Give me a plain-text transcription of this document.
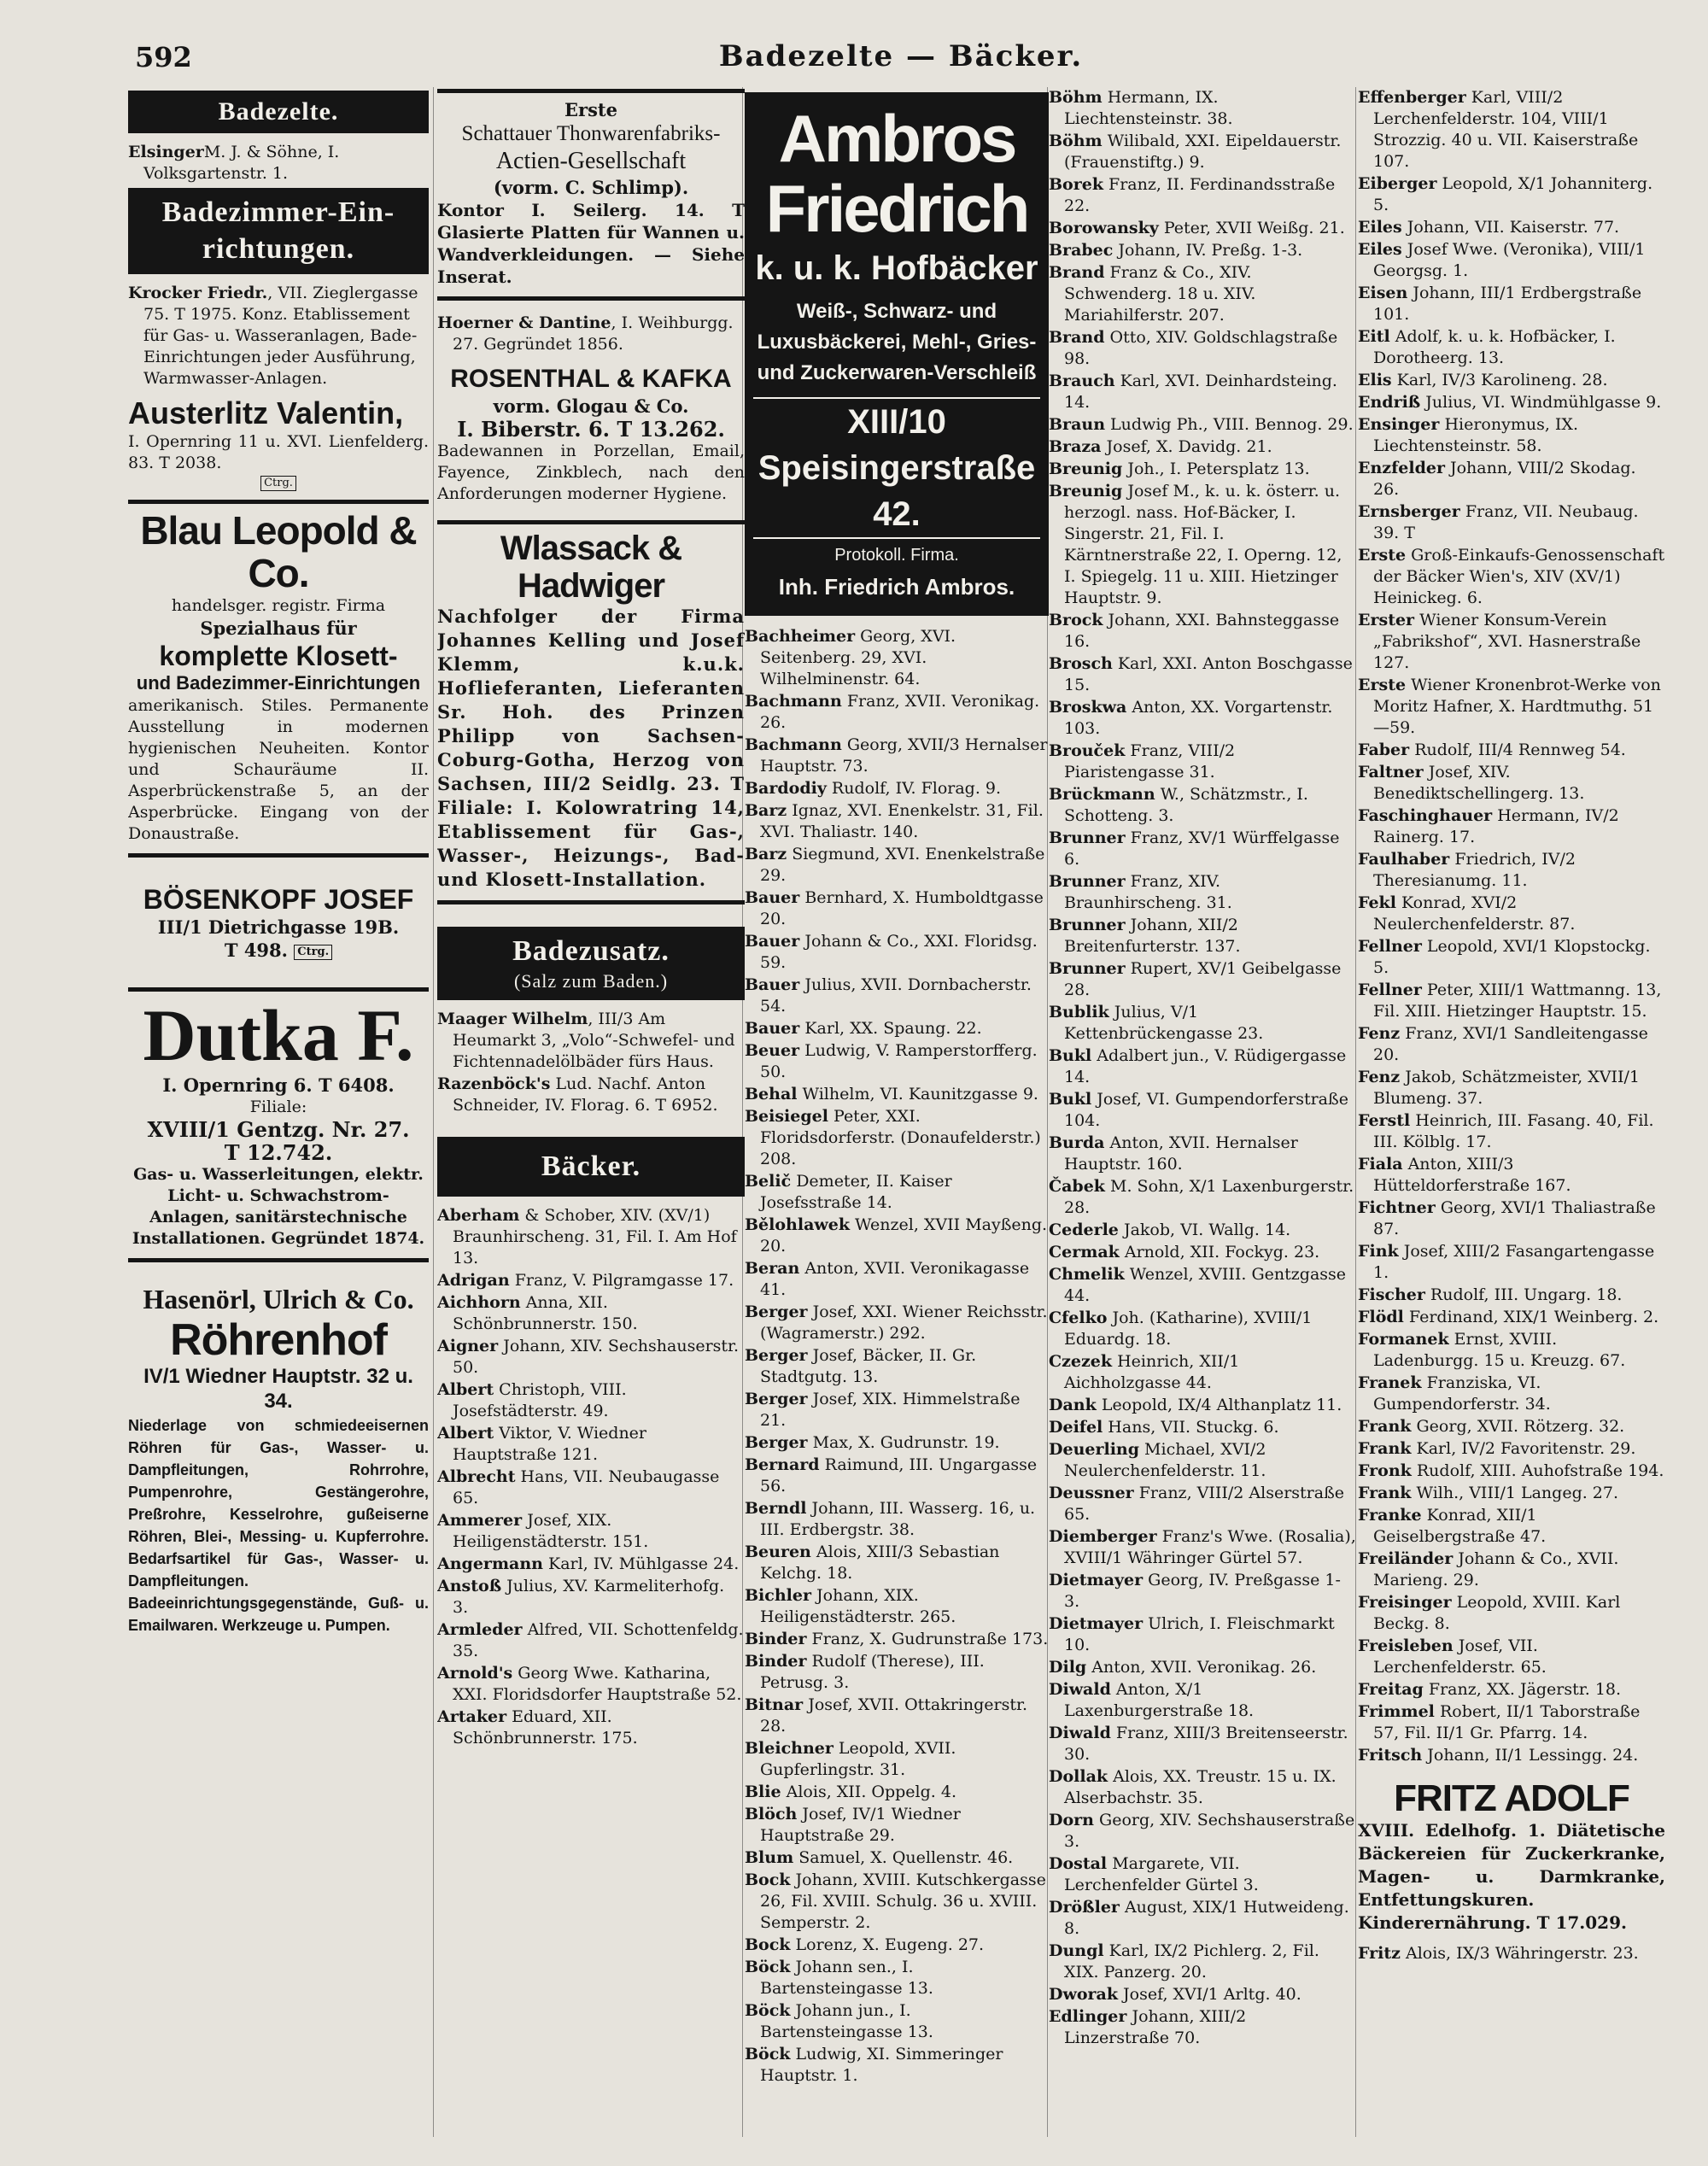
592	Badezelte — Bäcker.
Badezelte.
ElsingerM. J. & Söhne, I. Volksgartenstr. 1.
Badezimmer-Ein-
richtungen.
Krocker Friedr., VII. Zieglergasse 75. T 1975. Konz. Etablissement für Gas- u. Wasseranlagen, Bade-Einrichtungen jeder Ausführung, Warmwasser-Anlagen.
Austerlitz Valentin,
I. Opernring 11 u. XVI. Lienfelderg. 83. T 2038.
Ctrg.
Blau Leopold & Co.
handelsger. registr. Firma
Spezialhaus für
komplette Klosett-
und Badezimmer-Einrichtungen
amerikanisch. Stiles. Permanente Ausstellung in modernen hygienischen Neuheiten. Kontor und Schauräume II. Asperbrückenstraße 5, an der Asperbrücke. Eingang von der Donaustraße.
BÖSENKOPF JOSEF
III/1 Dietrichgasse 19B.
T 498. Ctrg.
Dutka F.
I. Opernring 6. T 6408.
Filiale:
XVIII/1 Gentzg. Nr. 27.
T 12.742.
Gas- u. Wasserleitungen, elektr. Licht- u. Schwachstrom-Anlagen, sanitärstechnische Installationen. Gegründet 1874.
Hasenörl, Ulrich & Co.
Röhrenhof
IV/1 Wiedner Hauptstr. 32 u. 34.
Niederlage von schmiedeeisernen Röhren für Gas-, Wasser- u. Dampfleitungen, Rohrrohre, Pumpenrohre, Gestängerohre, Preßrohre, Kesselrohre, gußeiserne Röhren, Blei-, Messing- u. Kupferrohre. Bedarfsartikel für Gas-, Wasser- u. Dampfleitungen. Badeeinrichtungsgegenstände, Guß- u. Emailwaren. Werkzeuge u. Pumpen.
Erste
Schattauer Thonwarenfabriks-
Actien-Gesellschaft
(vorm. C. Schlimp).
Kontor I. Seilerg. 14. T Glasierte Platten für Wannen u. Wandverkleidungen. — Siehe Inserat.
Hoerner & Dantine, I. Weihburgg. 27. Gegründet 1856.
ROSENTHAL & KAFKA
vorm. Glogau & Co.
I. Biberstr. 6. T 13.262.
Badewannen in Porzellan, Email, Fayence, Zinkblech, nach den Anforderungen moderner Hygiene.
Wlassack & Hadwiger
Nachfolger der Firma Johannes Kelling und Josef Klemm, k.u.k. Hoflieferanten, Lieferanten Sr. Hoh. des Prinzen Philipp von Sachsen-Coburg-Gotha, Herzog von Sachsen, III/2 Seidlg. 23. T Filiale: I. Kolowratring 14, Etablissement für Gas-, Wasser-, Heizungs-, Bad- und Klosett-Installation.
Badezusatz.
(Salz zum Baden.)
Maager Wilhelm, III/3 Am Heumarkt 3, „Volo“-Schwefel- und Fichtennadelölbäder fürs Haus.
Razenböck's Lud. Nachf. Anton Schneider, IV. Florag. 6. T 6952.
Bäcker.
Aberham & Schober, XIV. (XV/1) Braunhirscheng. 31, Fil. I. Am Hof 13.
Adrigan Franz, V. Pilgramgasse 17.
Aichhorn Anna, XII. Schönbrunnerstr. 150.
Aigner Johann, XIV. Sechshauserstr. 50.
Albert Christoph, VIII. Josefstädterstr. 49.
Albert Viktor, V. Wiedner Hauptstraße 121.
Albrecht Hans, VII. Neubaugasse 65.
Ammerer Josef, XIX. Heiligenstädterstr. 151.
Angermann Karl, IV. Mühlgasse 24.
Anstoß Julius, XV. Karmeliterhofg. 3.
Armleder Alfred, VII. Schottenfeldg. 35.
Arnold's Georg Wwe. Katharina, XXI. Floridsdorfer Hauptstraße 52.
Artaker Eduard, XII. Schönbrunnerstr. 175.
Ambros Friedrich
k. u. k. Hofbäcker
Weiß-, Schwarz- und Luxusbäckerei, Mehl-, Gries- und Zuckerwaren-Verschleiß
XIII/10 Speisingerstraße 42.
Protokoll. Firma.
Inh. Friedrich Ambros.
Bachheimer Georg, XVI. Seitenberg. 29, XVI. Wilhelminenstr. 64.
Bachmann Franz, XVII. Veronikag. 26.
Bachmann Georg, XVII/3 Hernalser Hauptstr. 73.
Bardodiy Rudolf, IV. Florag. 9.
Barz Ignaz, XVI. Enenkelstr. 31, Fil. XVI. Thaliastr. 140.
Barz Siegmund, XVI. Enenkelstraße 29.
Bauer Bernhard, X. Humboldtgasse 20.
Bauer Johann & Co., XXI. Floridsg. 59.
Bauer Julius, XVII. Dornbacherstr. 54.
Bauer Karl, XX. Spaung. 22.
Beuer Ludwig, V. Ramperstorfferg. 50.
Behal Wilhelm, VI. Kaunitzgasse 9.
Beisiegel Peter, XXI. Floridsdorferstr. (Donaufelderstr.) 208.
Belič Demeter, II. Kaiser Josefsstraße 14.
Bělohlawek Wenzel, XVII Mayßeng. 20.
Beran Anton, XVII. Veronikagasse 41.
Berger Josef, XXI. Wiener Reichsstr. (Wagramerstr.) 292.
Berger Josef, Bäcker, II. Gr. Stadtgutg. 13.
Berger Josef, XIX. Himmelstraße 21.
Berger Max, X. Gudrunstr. 19.
Bernard Raimund, III. Ungargasse 56.
Berndl Johann, III. Wasserg. 16, u. III. Erdbergstr. 38.
Beuren Alois, XIII/3 Sebastian Kelchg. 18.
Bichler Johann, XIX. Heiligenstädterstr. 265.
Binder Franz, X. Gudrunstraße 173.
Binder Rudolf (Therese), III. Petrusg. 3.
Bitnar Josef, XVII. Ottakringerstr. 28.
Bleichner Leopold, XVII. Gupferlingstr. 31.
Blie Alois, XII. Oppelg. 4.
Blöch Josef, IV/1 Wiedner Hauptstraße 29.
Blum Samuel, X. Quellenstr. 46.
Bock Johann, XVIII. Kutschkergasse 26, Fil. XVIII. Schulg. 36 u. XVIII. Semperstr. 2.
Bock Lorenz, X. Eugeng. 27.
Böck Johann sen., I. Bartensteingasse 13.
Böck Johann jun., I. Bartensteingasse 13.
Böck Ludwig, XI. Simmeringer Hauptstr. 1.
Böhm Hermann, IX. Liechtensteinstr. 38.
Böhm Wilibald, XXI. Eipeldauerstr. (Frauenstiftg.) 9.
Borek Franz, II. Ferdinandsstraße 22.
Borowansky Peter, XVII Weißg. 21.
Brabec Johann, IV. Preßg. 1-3.
Brand Franz & Co., XIV. Schwenderg. 18 u. XIV. Mariahilferstr. 207.
Brand Otto, XIV. Goldschlagstraße 98.
Brauch Karl, XVI. Deinhardsteing. 14.
Braun Ludwig Ph., VIII. Bennog. 29.
Braza Josef, X. Davidg. 21.
Breunig Joh., I. Petersplatz 13.
Breunig Josef M., k. u. k. österr. u. herzogl. nass. Hof-Bäcker, I. Singerstr. 21, Fil. I. Kärntnerstraße 22, I. Operng. 12, I. Spiegelg. 11 u. XIII. Hietzinger Hauptstr. 9.
Brock Johann, XXI. Bahnsteggasse 16.
Brosch Karl, XXI. Anton Boschgasse 15.
Broskwa Anton, XX. Vorgartenstr. 103.
Brouček Franz, VIII/2 Piaristengasse 31.
Brückmann W., Schätzmstr., I. Schotteng. 3.
Brunner Franz, XV/1 Würffelgasse 6.
Brunner Franz, XIV. Braunhirscheng. 31.
Brunner Johann, XII/2 Breitenfurterstr. 137.
Brunner Rupert, XV/1 Geibelgasse 28.
Bublik Julius, V/1 Kettenbrückengasse 23.
Bukl Adalbert jun., V. Rüdigergasse 14.
Bukl Josef, VI. Gumpendorferstraße 104.
Burda Anton, XVII. Hernalser Hauptstr. 160.
Čabek M. Sohn, X/1 Laxenburgerstr. 28.
Cederle Jakob, VI. Wallg. 14.
Cermak Arnold, XII. Fockyg. 23.
Chmelik Wenzel, XVIII. Gentzgasse 44.
Cfelko Joh. (Katharine), XVIII/1 Eduardg. 18.
Czezek Heinrich, XII/1 Aichholzgasse 44.
Dank Leopold, IX/4 Althanplatz 11.
Deifel Hans, VII. Stuckg. 6.
Deuerling Michael, XVI/2 Neulerchenfelderstr. 11.
Deussner Franz, VIII/2 Alserstraße 65.
Diemberger Franz's Wwe. (Rosalia), XVIII/1 Währinger Gürtel 57.
Dietmayer Georg, IV. Preßgasse 1-3.
Dietmayer Ulrich, I. Fleischmarkt 10.
Dilg Anton, XVII. Veronikag. 26.
Diwald Anton, X/1 Laxenburgerstraße 18.
Diwald Franz, XIII/3 Breitenseerstr. 30.
Dollak Alois, XX. Treustr. 15 u. IX. Alserbachstr. 35.
Dorn Georg, XIV. Sechshauserstraße 3.
Dostal Margarete, VII. Lerchenfelder Gürtel 3.
Drößler August, XIX/1 Hutweideng. 8.
Dungl Karl, IX/2 Pichlerg. 2, Fil. XIX. Panzerg. 20.
Dworak Josef, XVI/1 Arltg. 40.
Edlinger Johann, XIII/2 Linzerstraße 70.
Effenberger Karl, VIII/2 Lerchenfelderstr. 104, VIII/1 Strozzig. 40 u. VII. Kaiserstraße 107.
Eiberger Leopold, X/1 Johanniterg. 5.
Eiles Johann, VII. Kaiserstr. 77.
Eiles Josef Wwe. (Veronika), VIII/1 Georgsg. 1.
Eisen Johann, III/1 Erdbergstraße 101.
Eitl Adolf, k. u. k. Hofbäcker, I. Dorotheerg. 13.
Elis Karl, IV/3 Karolineng. 28.
Endriß Julius, VI. Windmühlgasse 9.
Ensinger Hieronymus, IX. Liechtensteinstr. 58.
Enzfelder Johann, VIII/2 Skodag. 26.
Ernsberger Franz, VII. Neubaug. 39. T
Erste Groß-Einkaufs-Genossenschaft der Bäcker Wien's, XIV (XV/1) Heinickeg. 6.
Erster Wiener Konsum-Verein „Fabrikshof“, XVI. Hasnerstraße 127.
Erste Wiener Kronenbrot-Werke von Moritz Hafner, X. Hardtmuthg. 51—59.
Faber Rudolf, III/4 Rennweg 54.
Faltner Josef, XIV. Benediktschellingerg. 13.
Faschinghauer Hermann, IV/2 Rainerg. 17.
Faulhaber Friedrich, IV/2 Theresianumg. 11.
Fekl Konrad, XVI/2 Neulerchenfelderstr. 87.
Fellner Leopold, XVI/1 Klopstockg. 5.
Fellner Peter, XIII/1 Wattmanng. 13, Fil. XIII. Hietzinger Hauptstr. 15.
Fenz Franz, XVI/1 Sandleitengasse 20.
Fenz Jakob, Schätzmeister, XVII/1 Blumeng. 37.
Ferstl Heinrich, III. Fasang. 40, Fil. III. Kölblg. 17.
Fiala Anton, XIII/3 Hütteldorferstraße 167.
Fichtner Georg, XVI/1 Thaliastraße 87.
Fink Josef, XIII/2 Fasangartengasse 1.
Fischer Rudolf, III. Ungarg. 18.
Flödl Ferdinand, XIX/1 Weinberg. 2.
Formanek Ernst, XVIII. Ladenburgg. 15 u. Kreuzg. 67.
Franek Franziska, VI. Gumpendorferstr. 34.
Frank Georg, XVII. Rötzerg. 32.
Frank Karl, IV/2 Favoritenstr. 29.
Fronk Rudolf, XIII. Auhofstraße 194.
Frank Wilh., VIII/1 Langeg. 27.
Franke Konrad, XII/1 Geiselbergstraße 47.
Freiländer Johann & Co., XVII. Marieng. 29.
Freisinger Leopold, XVIII. Karl Beckg. 8.
Freisleben Josef, VII. Lerchenfelderstr. 65.
Freitag Franz, XX. Jägerstr. 18.
Frimmel Robert, II/1 Taborstraße 57, Fil. II/1 Gr. Pfarrg. 14.
Fritsch Johann, II/1 Lessingg. 24.
FRITZ ADOLF
XVIII. Edelhofg. 1. Diätetische Bäckereien für Zuckerkranke, Magen- u. Darmkranke, Entfettungskuren. Kinderernährung. T 17.029.
Fritz Alois, IX/3 Währingerstr. 23.
